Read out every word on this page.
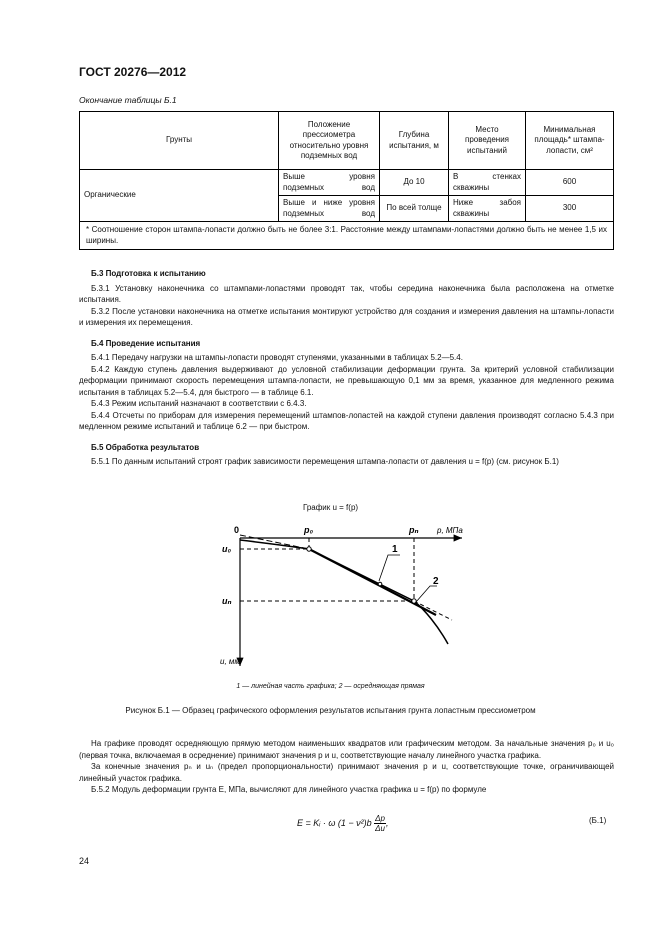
ГОСТ 20276—2012
Окончание таблицы Б.1
Грунты	Положение прессиометра относительно уровня подземных вод	Глубина испытания, м	Место проведения испытаний	Минимальная площадь* штампа-лопасти, см²
Органические	Выше уровня подземных вод	До 10	В стенках скважины	600
	Выше и ниже уровня подземных вод	По всей толще	Ниже забоя скважины	300
* Соотношение сторон штампа-лопасти должно быть не более 3:1. Расстояние между штампами-лопастями должно быть не менее 1,5 их ширины.				

Б.3 Подготовка к испытанию

Б.3.1 Установку наконечника со штампами-лопастями проводят так, чтобы середина наконечника была расположена на отметке испытания.

Б.3.2 После установки наконечника на отметке испытания монтируют устройство для создания и измерения давления на штампы-лопасти и измерения их перемещения.

Б.4 Проведение испытания

Б.4.1 Передачу нагрузки на штампы-лопасти проводят ступенями, указанными в таблицах 5.2—5.4.

Б.4.2 Каждую ступень давления выдерживают до условной стабилизации деформации грунта. За критерий условной стабилизации деформации принимают скорость перемещения штампа-лопасти, не превышающую 0,1 мм за время, указанное для медленного режима испытания в таблицах 5.2—5.4, для быстрого — в таблице 6.1.

Б.4.3 Режим испытаний назначают в соответствии с 6.4.3.

Б.4.4 Отсчеты по приборам для измерения перемещений штампов-лопастей на каждой ступени давления производят согласно 5.4.3 при медленном режиме испытаний и таблице 6.2 — при быстром.

Б.5 Обработка результатов

Б.5.1 По данным испытаний строят график зависимости перемещения штампа-лопасти от давления u = f(p) (см. рисунок Б.1)

График u = f(p)
0	p₀	pₙ p, МПа
u₀
uₙ
u, мм
1
2
1 — линейная часть графика; 2 — осредняющая прямая
Рисунок Б.1 — Образец графического оформления результатов испытания грунта лопастным прессиометром

На графике проводят осредняющую прямую методом наименьших квадратов или графическим методом. За начальные значения p₀ и u₀ (первая точка, включаемая в осреднение) принимают значения p и u, соответствующие началу линейного участка графика.

За конечные значения pₙ и uₙ (предел пропорциональности) принимают значения p и u, соответствующие точке, ограничивающей линейный участок графика.

Б.5.2 Модуль деформации грунта E, МПа, вычисляют для линейного участка графика u = f(p) по формуле

E = Kᵢ · ω $(1 - \nu^2)b \frac{\Delta p}{\Delta u}$ ,	(Б.1)
24
